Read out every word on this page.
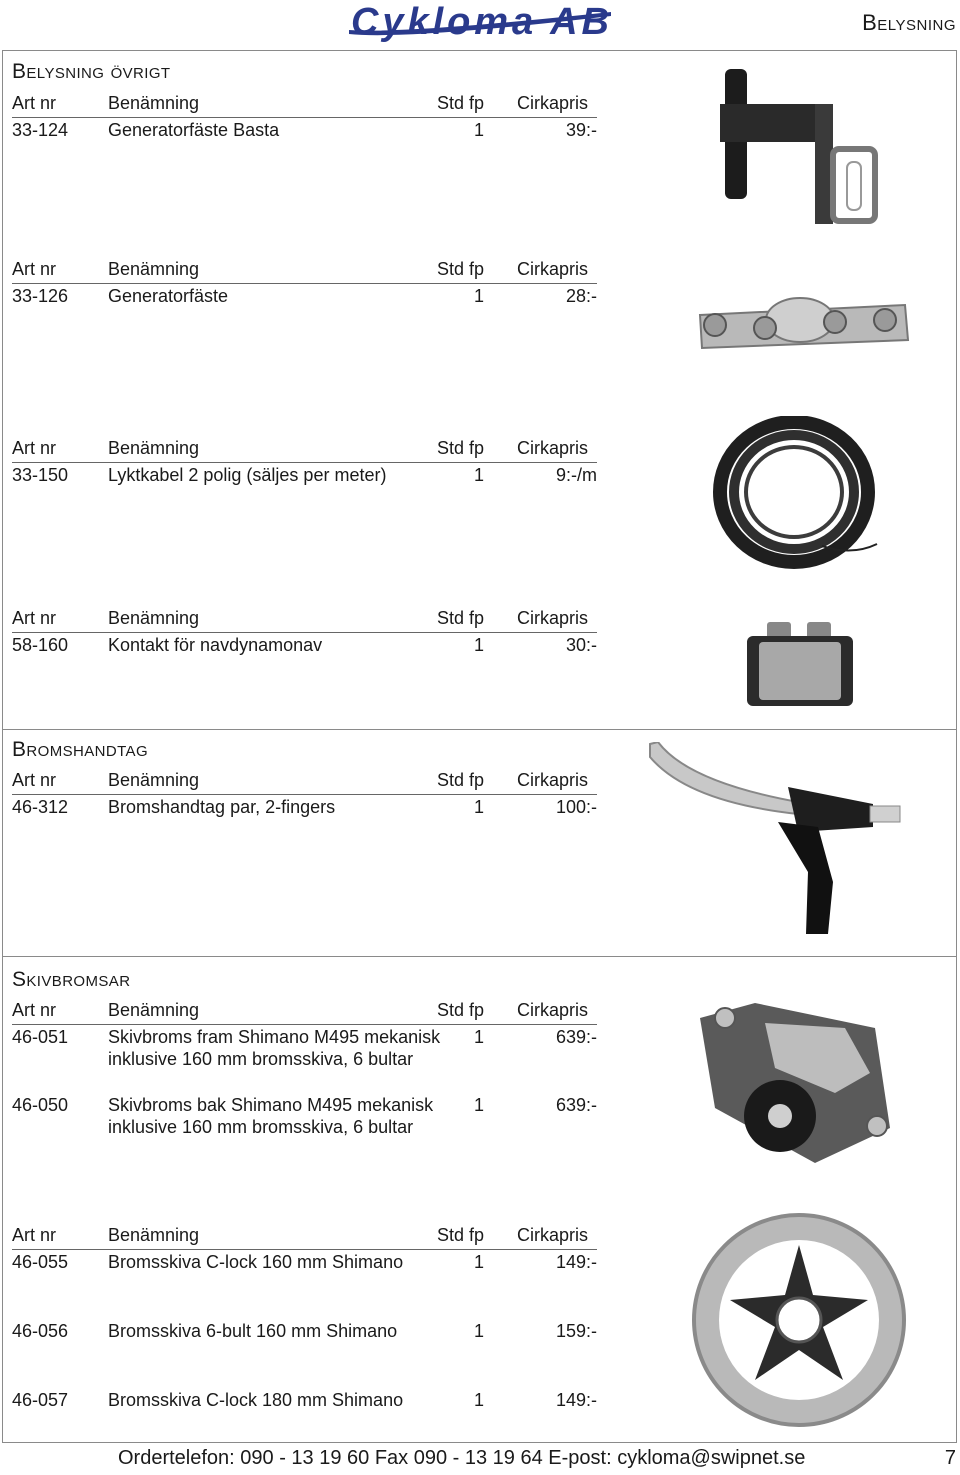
Cykloma AB	Belysning
Belysning övrigt
Art nr	Benämning	Std fp Cirkapris
33-124 Generatorfäste Basta	1	39:-
Art nr	Benämning	Std fp Cirkapris
33-126 Generatorfäste	1	28:-
Art nr	Benämning	Std fp Cirkapris
33-150 Lyktkabel 2 polig (säljes per meter)	1	9:-/m
Art nr	Benämning	Std fp Cirkapris
58-160 Kontakt för navdynamonav	1	30:-
Bromshandtag
Art nr	Benämning	Std fp Cirkapris
46-312 Bromshandtag par, 2-fingers	1	100:-
Skivbromsar
Art nr	Benämning	Std fp Cirkapris
46-051 Skivbroms fram Shimano M495 mekanisk
inklusive 160 mm bromsskiva, 6 bultar
1	639:-
46-050 Skivbroms bak Shimano M495 mekanisk
inklusive 160 mm bromsskiva, 6 bultar
1	639:-
Art nr	Benämning	Std fp Cirkapris
46-055 Bromsskiva C-lock 160 mm Shimano	1	149:-
46-056 Bromsskiva 6-bult 160 mm Shimano	1	159:-
46-057 Bromsskiva C-lock 180 mm Shimano	1	149:-
Ordertelefon: 090 - 13 19 60 Fax 090 - 13 19 64 E-post: cykloma@swipnet.se	7
